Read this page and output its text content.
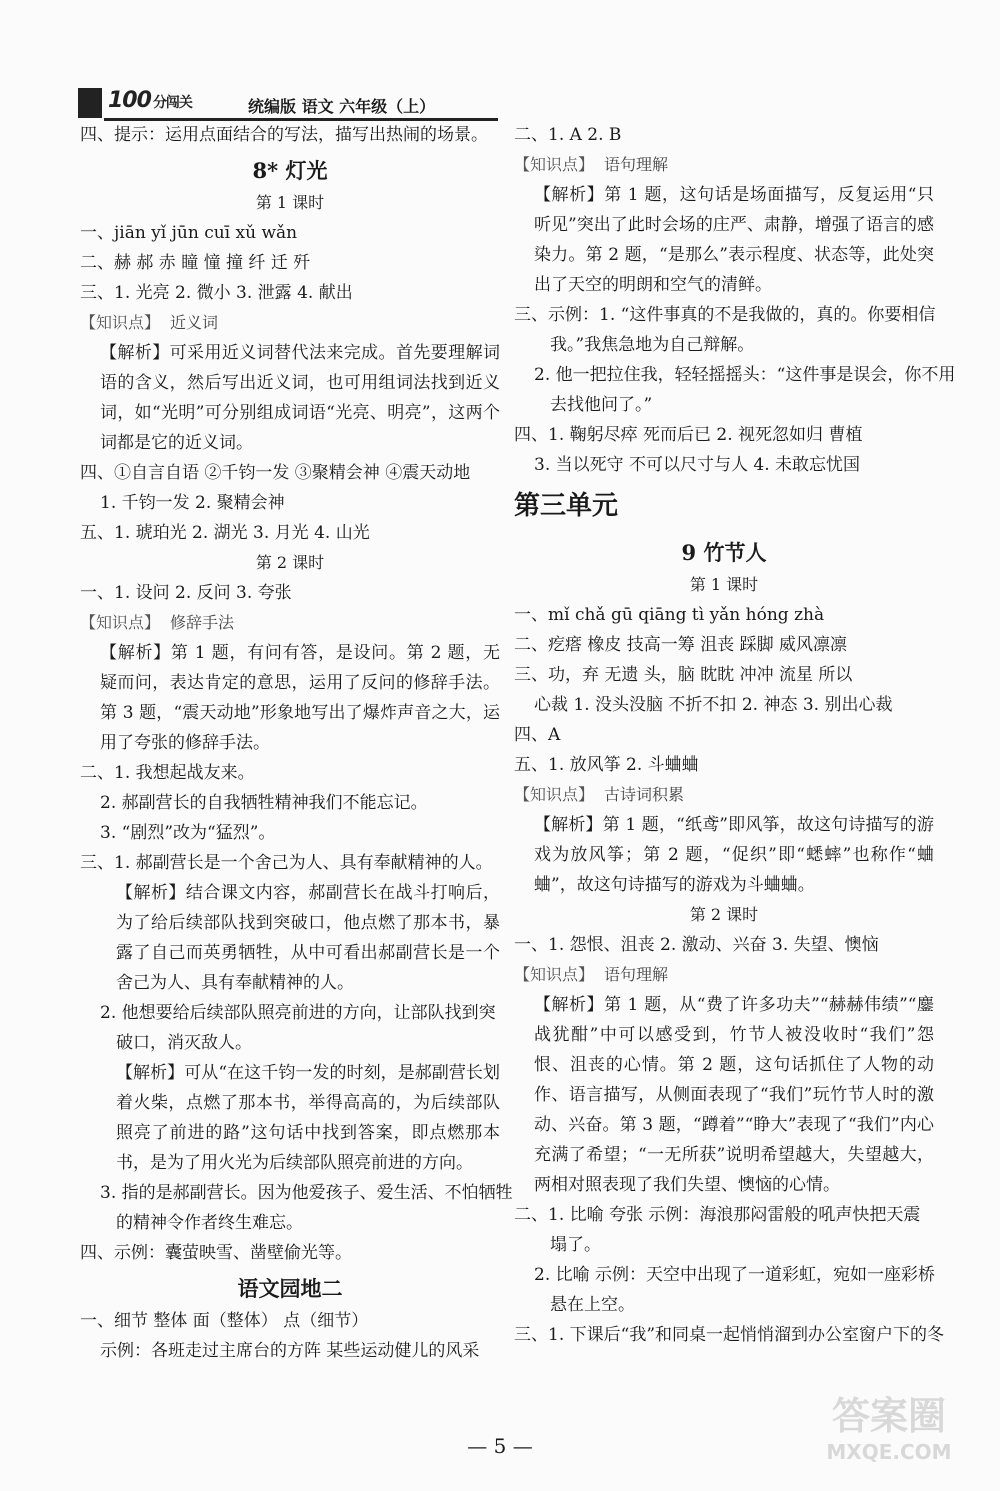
100 分闯关	统编版 语文 六年级（上）
四、提示：运用点面结合的写法，描写出热闹的场景。
8* 灯光
第 1 课时
一、jiān yǐ jūn cuī xǔ wǎn
二、赫 郝 赤 瞳 憧 撞 纤 迁 歼
三、1. 光亮 2. 微小 3. 泄露 4. 献出
【知识点】 近义词
【解析】可采用近义词替代法来完成。首先要理解词语的含义，然后写出近义词，也可用组词法找到近义词，如“光明”可分别组成词语“光亮、明亮”，这两个词都是它的近义词。
四、①自言自语 ②千钧一发 ③聚精会神 ④震天动地
1. 千钧一发 2. 聚精会神
五、1. 琥珀光 2. 湖光 3. 月光 4. 山光
第 2 课时
一、1. 设问 2. 反问 3. 夸张
【知识点】 修辞手法
【解析】第 1 题，有问有答，是设问。第 2 题，无疑而问，表达肯定的意思，运用了反问的修辞手法。第 3 题，“震天动地”形象地写出了爆炸声音之大，运用了夸张的修辞手法。
二、1. 我想起战友来。
2. 郝副营长的自我牺牲精神我们不能忘记。
3. “剧烈”改为“猛烈”。
三、1. 郝副营长是一个舍己为人、具有奉献精神的人。
【解析】结合课文内容，郝副营长在战斗打响后，为了给后续部队找到突破口，他点燃了那本书，暴露了自己而英勇牺牲，从中可看出郝副营长是一个舍己为人、具有奉献精神的人。
2. 他想要给后续部队照亮前进的方向，让部队找到突
破口，消灭敌人。
【解析】可从“在这千钧一发的时刻，是郝副营长划着火柴，点燃了那本书，举得高高的，为后续部队照亮了前进的路”这句话中找到答案，即点燃那本书，是为了用火光为后续部队照亮前进的方向。
3. 指的是郝副营长。因为他爱孩子、爱生活、不怕牺牲
的精神令作者终生难忘。
四、示例：囊萤映雪、凿壁偷光等。
语文园地二
一、细节 整体 面（整体） 点（细节）
示例：各班走过主席台的方阵 某些运动健儿的风采
二、1. A 2. B
【知识点】 语句理解
【解析】第 1 题，这句话是场面描写，反复运用“只听见”突出了此时会场的庄严、肃静，增强了语言的感染力。第 2 题，“是那么”表示程度、状态等，此处突出了天空的明朗和空气的清鲜。
三、示例：1. “这件事真的不是我做的，真的。你要相信
我。”我焦急地为自己辩解。
2. 他一把拉住我，轻轻摇摇头：“这件事是误会，你不用
去找他问了。”
四、1. 鞠躬尽瘁 死而后已 2. 视死忽如归 曹植
3. 当以死守 不可以尺寸与人 4. 未敢忘忧国
第三单元
9 竹节人
第 1 课时
一、mǐ chǎ gū qiāng tì yǎn hóng zhà
二、疙瘩 橡皮 技高一筹 沮丧 踩脚 威风凛凛
三、功，弃 无遗 头，脑 眈眈 冲冲 流星 所以
心裁 1. 没头没脑 不折不扣 2. 神态 3. 别出心裁
四、A
五、1. 放风筝 2. 斗蛐蛐
【知识点】 古诗词积累
【解析】第 1 题，“纸鸢”即风筝，故这句诗描写的游戏为放风筝；第 2 题，“促织”即“蟋蟀”也称作“蛐蛐”，故这句诗描写的游戏为斗蛐蛐。
第 2 课时
一、1. 怨恨、沮丧 2. 激动、兴奋 3. 失望、懊恼
【知识点】 语句理解
【解析】第 1 题，从“费了许多功夫”“赫赫伟绩”“鏖战犹酣”中可以感受到，竹节人被没收时“我们”怨恨、沮丧的心情。第 2 题，这句话抓住了人物的动作、语言描写，从侧面表现了“我们”玩竹节人时的激动、兴奋。第 3 题，“蹲着”“睁大”表现了“我们”内心充满了希望；“一无所获”说明希望越大，失望越大，两相对照表现了我们失望、懊恼的心情。
二、1. 比喻 夸张 示例：海浪那闷雷般的吼声快把天震
塌了。
2. 比喻 示例：天空中出现了一道彩虹，宛如一座彩桥
悬在上空。
三、1. 下课后“我”和同桌一起悄悄溜到办公室窗户下的冬
— 5 —
答案圈
MXQE.COM
